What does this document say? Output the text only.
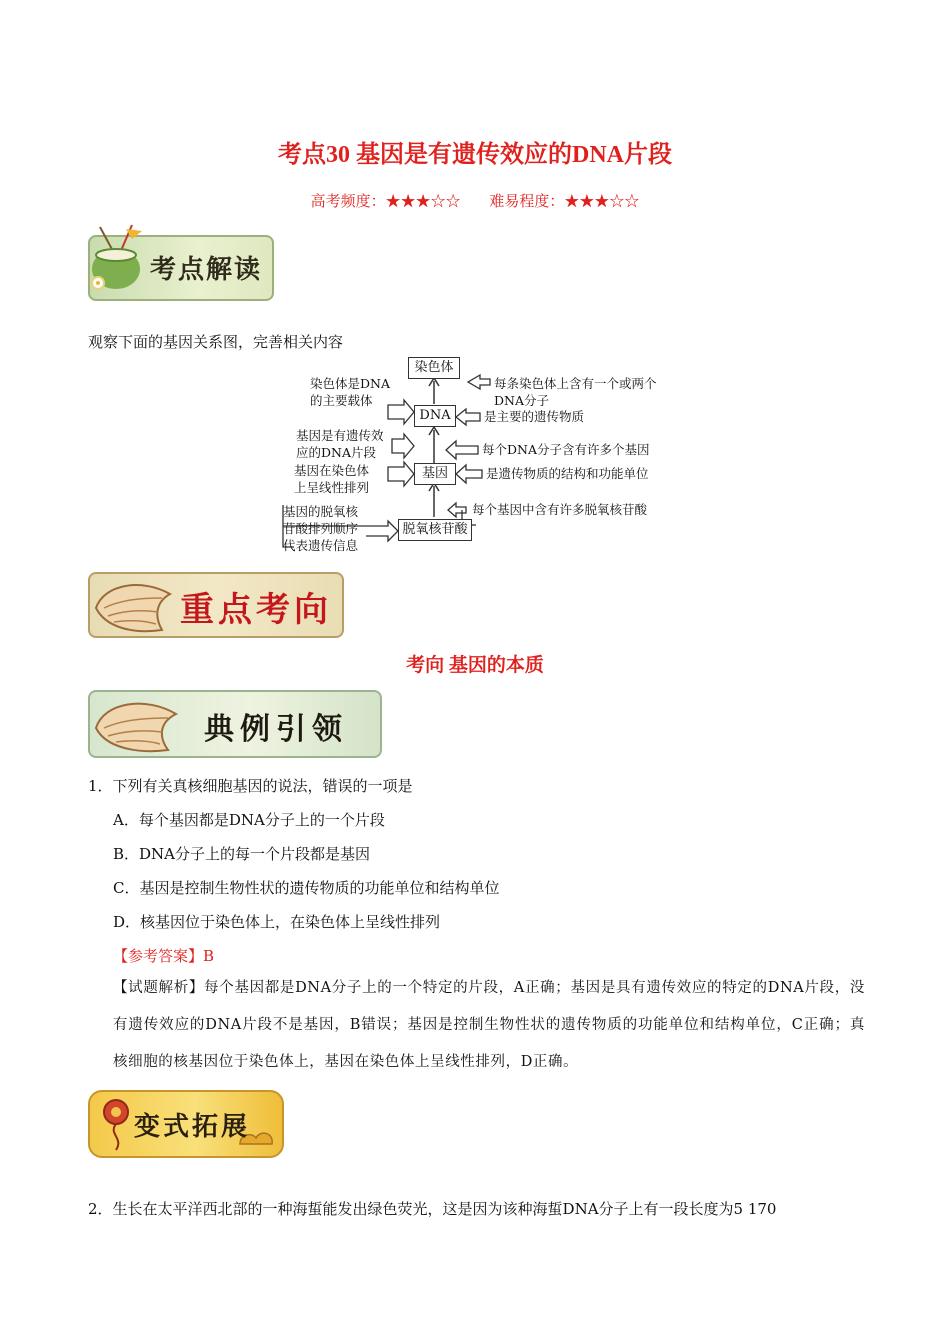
考点30 基因是有遗传效应的DNA片段
高考频度：★★★☆☆ 难易程度：★★★☆☆
考点解读
观察下面的基因关系图，完善相关内容
染色体
DNA
基因
脱氧核苷酸
染色体是DNA
的主要载体
基因是有遗传效
应的DNA片段
基因在染色体
上呈线性排列
基因的脱氧核
苷酸排列顺序
代表遗传信息
每条染色体上含有一个或两个
DNA分子
是主要的遗传物质
每个DNA分子含有许多个基因
是遗传物质的结构和功能单位
每个基因中含有许多脱氧核苷酸
重点考向
考向 基因的本质
典例引领
1．下列有关真核细胞基因的说法，错误的一项是
A．每个基因都是DNA分子上的一个片段
B．DNA分子上的每一个片段都是基因
C．基因是控制生物性状的遗传物质的功能单位和结构单位
D．核基因位于染色体上，在染色体上呈线性排列
【参考答案】B
【试题解析】每个基因都是DNA分子上的一个特定的片段，A正确；基因是具有遗传效应的特定的DNA片段，没有遗传效应的DNA片段不是基因，B错误；基因是控制生物性状的遗传物质的功能单位和结构单位，C正确；真核细胞的核基因位于染色体上，基因在染色体上呈线性排列，D正确。
变式拓展
2．生长在太平洋西北部的一种海蜇能发出绿色荧光，这是因为该种海蜇DNA分子上有一段长度为5 170
